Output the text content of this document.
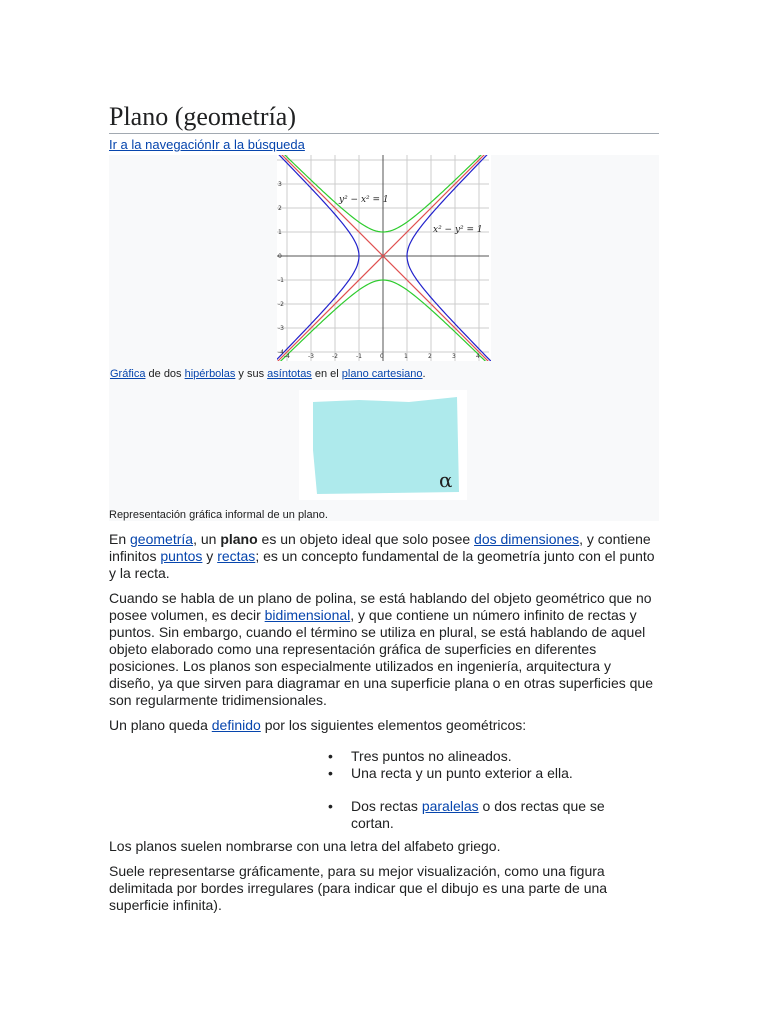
Plano (geometría)
Ir a la navegaciónIr a la búsqueda
-4	-3	-2	-1	0	1	2	3	4
3
2
1
0
-1
-2
-3
-4
y² − x² = 1
x² − y² = 1
Gráfica de dos hipérbolas y sus asíntotas en el plano cartesiano.
α
Representación gráfica informal de un plano.

En geometría, un plano es un objeto ideal que solo posee dos dimensiones, y contiene infinitos puntos y rectas; es un concepto fundamental de la geometría junto con el punto y la recta.

Cuando se habla de un plano de polina, se está hablando del objeto geométrico que no posee volumen, es decir bidimensional, y que contiene un número infinito de rectas y puntos. Sin embargo, cuando el término se utiliza en plural, se está hablando de aquel objeto elaborado como una representación gráfica de superficies en diferentes posiciones. Los planos son especialmente utilizados en ingeniería, arquitectura y diseño, ya que sirven para diagramar en una superficie plana o en otras superficies que son regularmente tridimensionales.

Un plano queda definido por los siguientes elementos geométricos:

• Tres puntos no alineados.
• Una recta y un punto exterior a ella.
• Dos rectas paralelas o dos rectas que se cortan.

Los planos suelen nombrarse con una letra del alfabeto griego.

Suele representarse gráficamente, para su mejor visualización, como una figura delimitada por bordes irregulares (para indicar que el dibujo es una parte de una superficie infinita).
